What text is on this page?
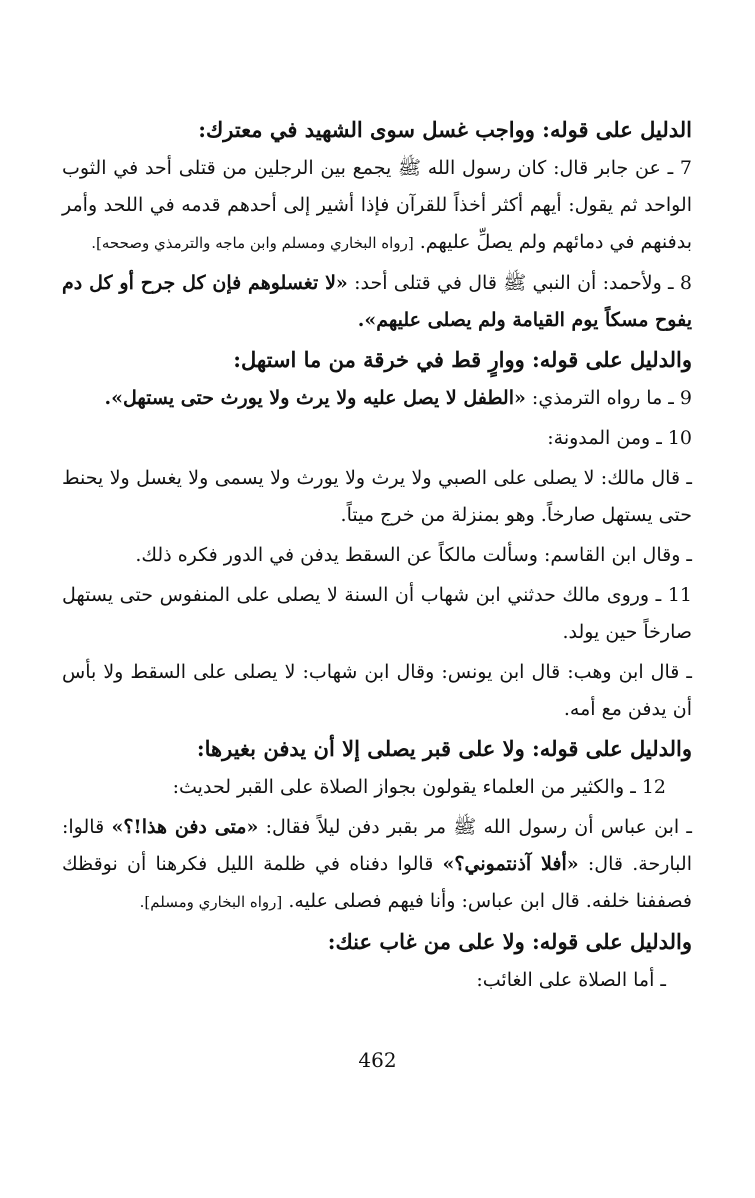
الدليل على قوله: وواجب غسل سوى الشهيد في معترك:
7 ـ عن جابر قال: كان رسول الله ﷺ يجمع بين الرجلين من قتلى أحد في الثوب الواحد ثم يقول: أيهم أكثر أخذاً للقرآن فإذا أشير إلى أحدهم قدمه في اللحد وأمر بدفنهم في دمائهم ولم يصلِّ عليهم. [رواه البخاري ومسلم وابن ماجه والترمذي وصححه].
8 ـ ولأحمد: أن النبي ﷺ قال في قتلى أحد: «لا تغسلوهم فإن كل جرح أو كل دم يفوح مسكاً يوم القيامة ولم يصلى عليهم».
والدليل على قوله: ووارٍ قط في خرقة من ما استهل:
9 ـ ما رواه الترمذي: «الطفل لا يصل عليه ولا يرث ولا يورث حتى يستهل».
10 ـ ومن المدونة:
ـ قال مالك: لا يصلى على الصبي ولا يرث ولا يورث ولا يسمى ولا يغسل ولا يحنط حتى يستهل صارخاً. وهو بمنزلة من خرج ميتاً.
ـ وقال ابن القاسم: وسألت مالكاً عن السقط يدفن في الدور فكره ذلك.
11 ـ وروى مالك حدثني ابن شهاب أن السنة لا يصلى على المنفوس حتى يستهل صارخاً حين يولد.
ـ قال ابن وهب: قال ابن يونس: وقال ابن شهاب: لا يصلى على السقط ولا بأس أن يدفن مع أمه.
والدليل على قوله: ولا على قبر يصلى إلا أن يدفن بغيرها:
12 ـ والكثير من العلماء يقولون بجواز الصلاة على القبر لحديث:
ـ ابن عباس أن رسول الله ﷺ مر بقبر دفن ليلاً فقال: «متى دفن هذا!؟» قالوا: البارحة. قال: «أفلا آذنتموني؟» قالوا دفناه في ظلمة الليل فكرهنا أن نوقظك فصففنا خلفه. قال ابن عباس: وأنا فيهم فصلى عليه. [رواه البخاري ومسلم].
والدليل على قوله: ولا على من غاب عنك:
ـ أما الصلاة على الغائب:
462
